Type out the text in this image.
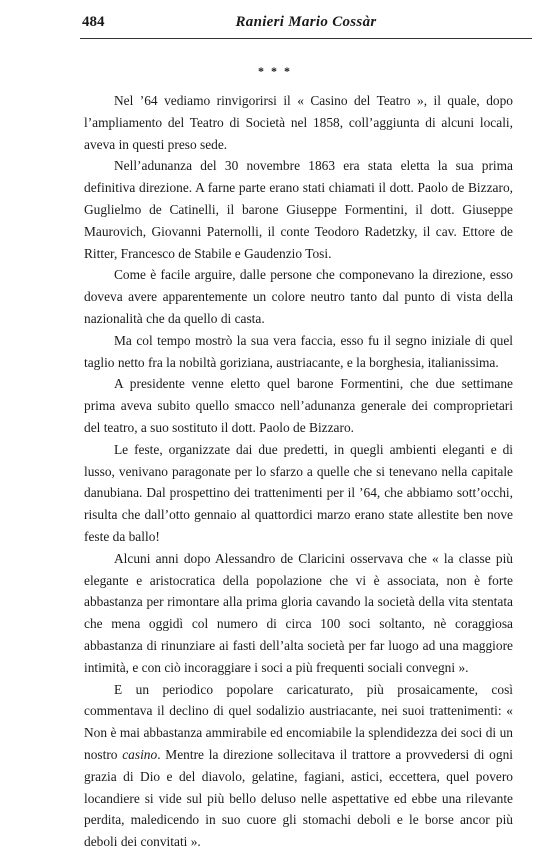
484	Ranieri Mario Cossàr
* * *

Nel ’64 vediamo rinvigorirsi il « Casino del Teatro », il quale, dopo l’ampliamento del Teatro di Società nel 1858, coll’aggiunta di alcuni locali, aveva in questi preso sede.

Nell’adunanza del 30 novembre 1863 era stata eletta la sua prima definitiva direzione. A farne parte erano stati chiamati il dott. Paolo de Bizzaro, Guglielmo de Catinelli, il barone Giuseppe Formentini, il dott. Giuseppe Maurovich, Giovanni Paternolli, il conte Teodoro Radetzky, il cav. Ettore de Ritter, Francesco de Stabile e Gaudenzio Tosi.

Come è facile arguire, dalle persone che componevano la direzione, esso doveva avere apparentemente un colore neutro tanto dal punto di vista della nazionalità che da quello di casta.

Ma col tempo mostrò la sua vera faccia, esso fu il segno iniziale di quel taglio netto fra la nobiltà goriziana, austriacante, e la borghesia, italianissima.

A presidente venne eletto quel barone Formentini, che due settimane prima aveva subito quello smacco nell’adunanza generale dei comproprietari del teatro, a suo sostituto il dott. Paolo de Bizzaro.

Le feste, organizzate dai due predetti, in quegli ambienti eleganti e di lusso, venivano paragonate per lo sfarzo a quelle che si tenevano nella capitale danubiana. Dal prospettino dei trattenimenti per il ’64, che abbiamo sott’occhi, risulta che dall’otto gennaio al quattordici marzo erano state allestite ben nove feste da ballo!

Alcuni anni dopo Alessandro de Claricini osservava che « la classe più elegante e aristocratica della popolazione che vi è associata, non è forte abbastanza per rimontare alla prima gloria cavando la società della vita stentata che mena oggidì col numero di circa 100 soci soltanto, nè coraggiosa abbastanza di rinunziare ai fasti dell’alta società per far luogo ad una maggiore intimità, e con ciò incoraggiare i soci a più frequenti sociali convegni ».

E un periodico popolare caricaturato, più prosaicamente, così commentava il declino di quel sodalizio austriacante, nei suoi trattenimenti: « Non è mai abbastanza ammirabile ed encomiabile la splendidezza dei soci di un nostro casino. Mentre la direzione sollecitava il trattore a provvedersi di ogni grazia di Dio e del diavolo, gelatine, fagiani, astici, eccettera, quel povero locandiere si vide sul più bello deluso nelle aspettative ed ebbe una rilevante perdita, maledicendo in suo cuore gli stomachi deboli e le borse ancor più deboli dei convitati ».
